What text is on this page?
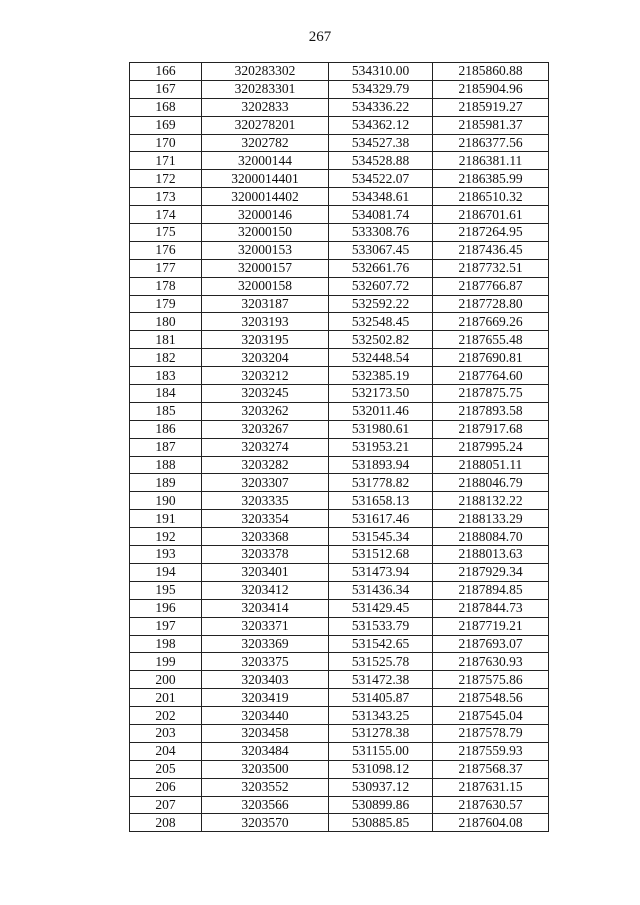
267
166	320283302	534310.00	2185860.88
167	320283301	534329.79	2185904.96
168	3202833	534336.22	2185919.27
169	320278201	534362.12	2185981.37
170	3202782	534527.38	2186377.56
171	32000144	534528.88	2186381.11
172	3200014401	534522.07	2186385.99
173	3200014402	534348.61	2186510.32
174	32000146	534081.74	2186701.61
175	32000150	533308.76	2187264.95
176	32000153	533067.45	2187436.45
177	32000157	532661.76	2187732.51
178	32000158	532607.72	2187766.87
179	3203187	532592.22	2187728.80
180	3203193	532548.45	2187669.26
181	3203195	532502.82	2187655.48
182	3203204	532448.54	2187690.81
183	3203212	532385.19	2187764.60
184	3203245	532173.50	2187875.75
185	3203262	532011.46	2187893.58
186	3203267	531980.61	2187917.68
187	3203274	531953.21	2187995.24
188	3203282	531893.94	2188051.11
189	3203307	531778.82	2188046.79
190	3203335	531658.13	2188132.22
191	3203354	531617.46	2188133.29
192	3203368	531545.34	2188084.70
193	3203378	531512.68	2188013.63
194	3203401	531473.94	2187929.34
195	3203412	531436.34	2187894.85
196	3203414	531429.45	2187844.73
197	3203371	531533.79	2187719.21
198	3203369	531542.65	2187693.07
199	3203375	531525.78	2187630.93
200	3203403	531472.38	2187575.86
201	3203419	531405.87	2187548.56
202	3203440	531343.25	2187545.04
203	3203458	531278.38	2187578.79
204	3203484	531155.00	2187559.93
205	3203500	531098.12	2187568.37
206	3203552	530937.12	2187631.15
207	3203566	530899.86	2187630.57
208	3203570	530885.85	2187604.08
